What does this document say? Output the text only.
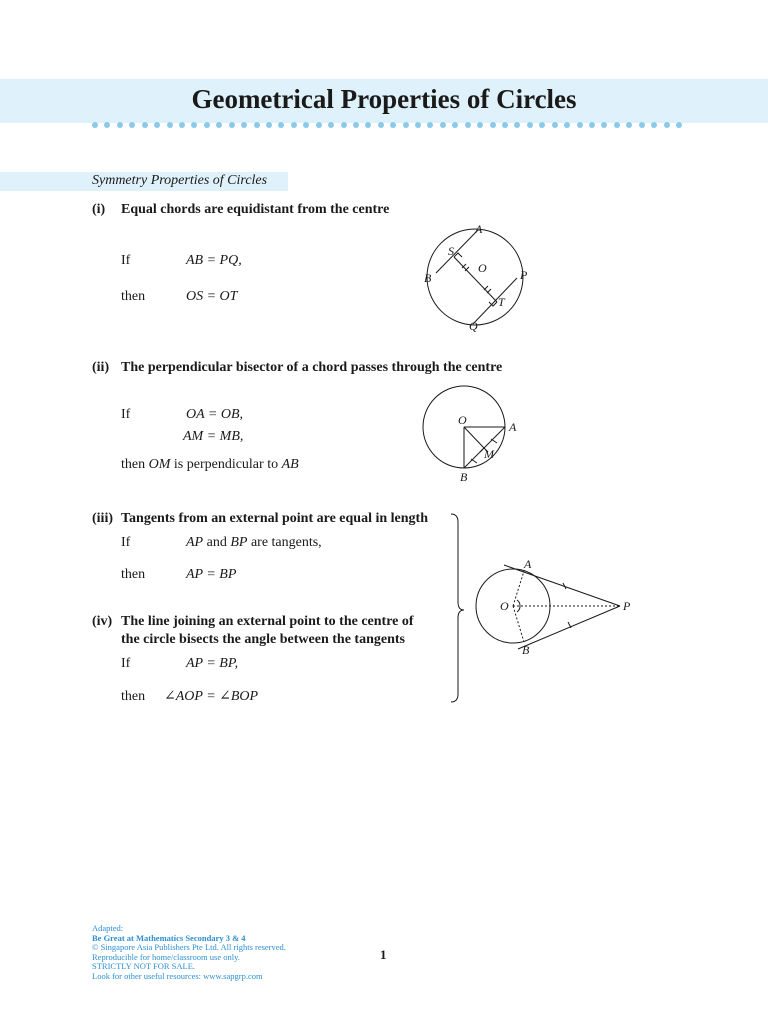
Geometrical Properties of Circles
Symmetry Properties of Circles
(i) Equal chords are equidistant from the centre
If	AB = PQ,
then	OS = OT
A
B
S
O	P
T
Q
(ii) The perpendicular bisector of a chord passes through the centre
If	OA = OB,
AM = MB,
then OM is perpendicular to AB
O	A
M
B
(iii) Tangents from an external point are equal in length
If	AP and BP are tangents,
then	AP = BP
(iv) The line joining an external point to the centre of
the circle bisects the angle between the tangents
If	AP = BP,
then ∠AOP = ∠BOP
A
O	P
B
Adapted:
Be Great at Mathematics Secondary 3 & 4
© Singapore Asia Publishers Pte Ltd. All rights reserved.
Reproducible for home/classroom use only.
STRICTLY NOT FOR SALE.
Look for other useful resources: www.sapgrp.com
1
